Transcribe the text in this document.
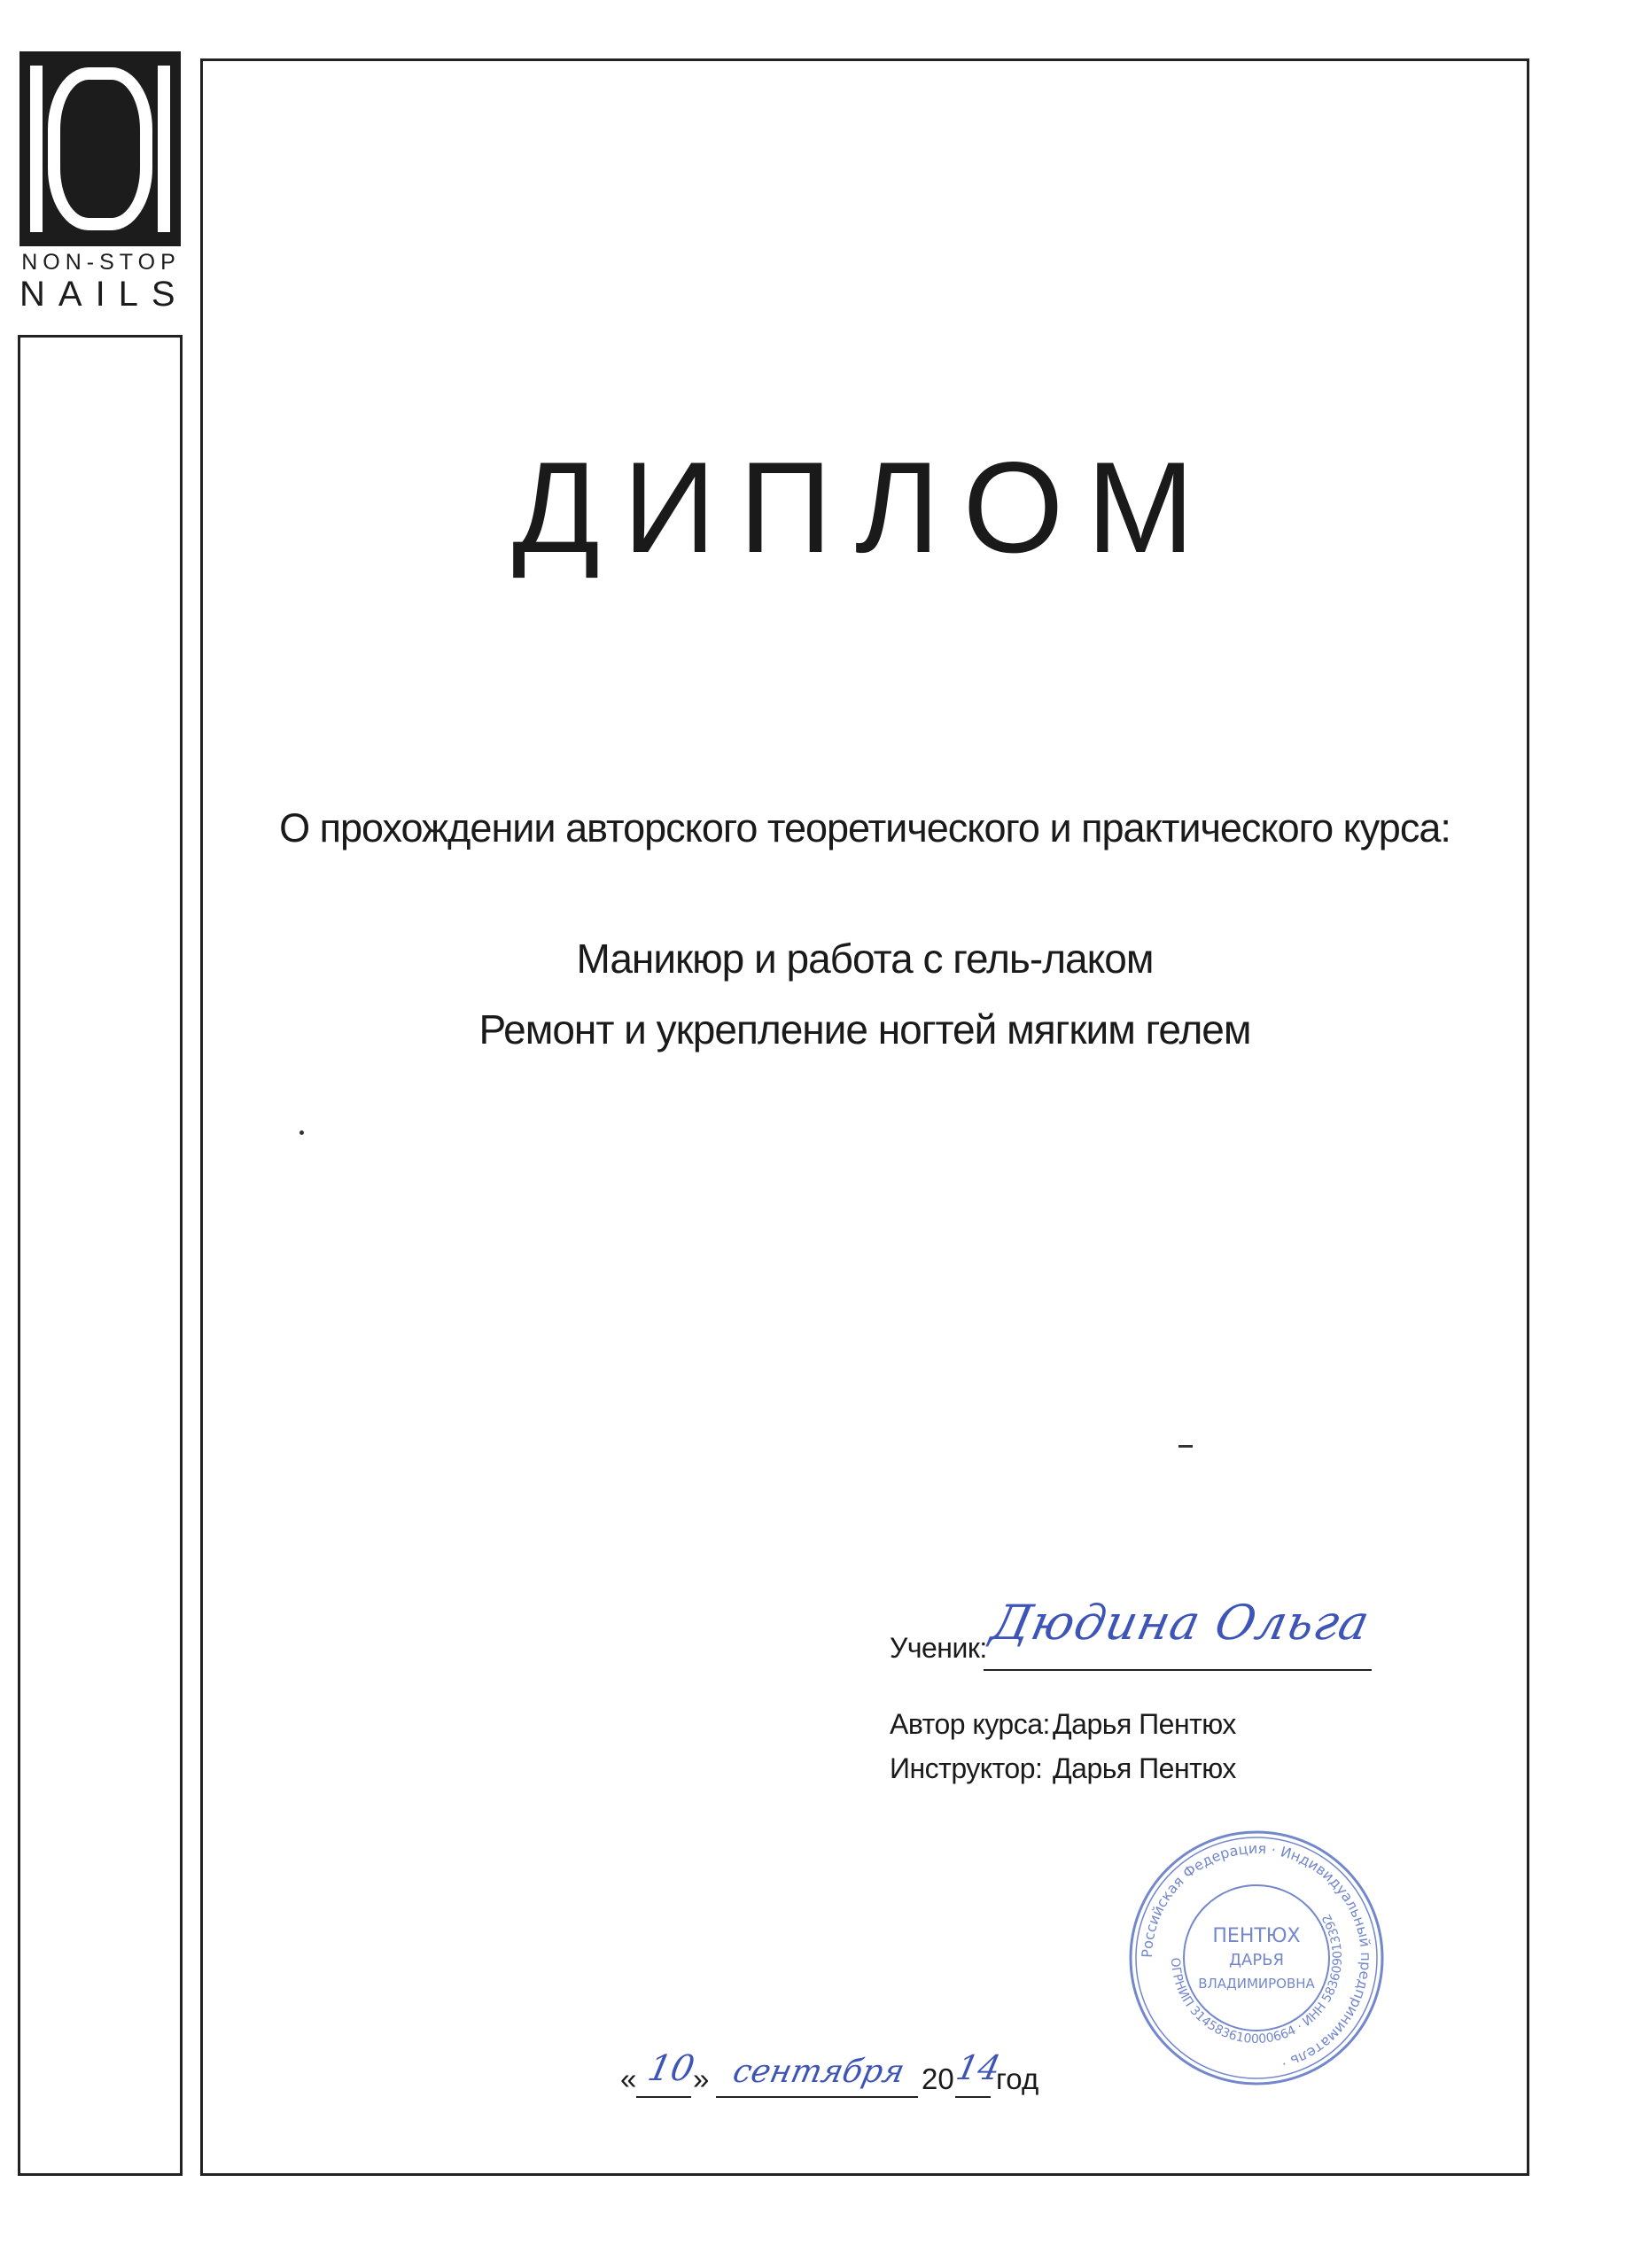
NON-STOP
NAILS
ДИПЛОМ
О прохождении авторского теоретического и практического курса:
Маникюр и работа с гель-лаком
Ремонт и укрепление ногтей мягким гелем
Ученик: Дюдина Ольга
Автор курса: Дарья Пентюх
Инструктор: Дарья Пентюх
Российская Федерация · Индивидуальный предприниматель ·
ОГРНИП 314583610000664 · ИНН 583609013392
ПЕНТЮХ
ДАРЬЯ
ВЛАДИМИРОВНА
« 10
» сентября 20
14
год
